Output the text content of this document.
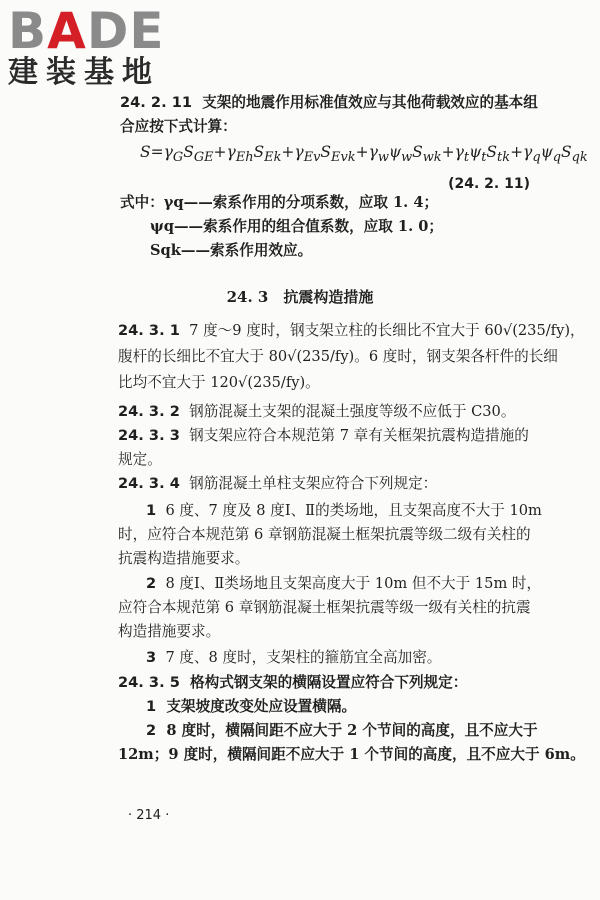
BADE
建装基地
24. 2. 11 支架的地震作用标准值效应与其他荷载效应的基本组
合应按下式计算：
$S=\gamma_GS_{GE}+\gamma_{Eh}S_{Ek}+\gamma_{Ev}S_{Evk}+\gamma_w\psi_wS_{wk}+\gamma_t\psi_tS_{tk}+\gamma_q\psi_qS_{qk}$
(24. 2. 11)
式中：γq——索系作用的分项系数，应取 1. 4；
ψq——索系作用的组合值系数，应取 1. 0；
Sqk——索系作用效应。
24. 3　抗震构造措施
24. 3. 1 7 度～9 度时，钢支架立柱的长细比不宜大于 60√(235/fy)，
腹杆的长细比不宜大于 80√(235/fy)。6 度时，钢支架各杆件的长细
比均不宜大于 120√(235/fy)。
24. 3. 2 钢筋混凝土支架的混凝土强度等级不应低于 C30。
24. 3. 3 钢支架应符合本规范第 7 章有关框架抗震构造措施的
规定。
24. 3. 4 钢筋混凝土单柱支架应符合下列规定：
1 6 度、7 度及 8 度Ⅰ、Ⅱ的类场地，且支架高度不大于 10m
时，应符合本规范第 6 章钢筋混凝土框架抗震等级二级有关柱的
抗震构造措施要求。
2 8 度Ⅰ、Ⅱ类场地且支架高度大于 10m 但不大于 15m 时，
应符合本规范第 6 章钢筋混凝土框架抗震等级一级有关柱的抗震
构造措施要求。
3 7 度、8 度时，支架柱的箍筋宜全高加密。
24. 3. 5 格构式钢支架的横隔设置应符合下列规定：
1 支架坡度改变处应设置横隔。
2 8 度时，横隔间距不应大于 2 个节间的高度，且不应大于
12m；9 度时，横隔间距不应大于 1 个节间的高度，且不应大于 6m。
· 214 ·
